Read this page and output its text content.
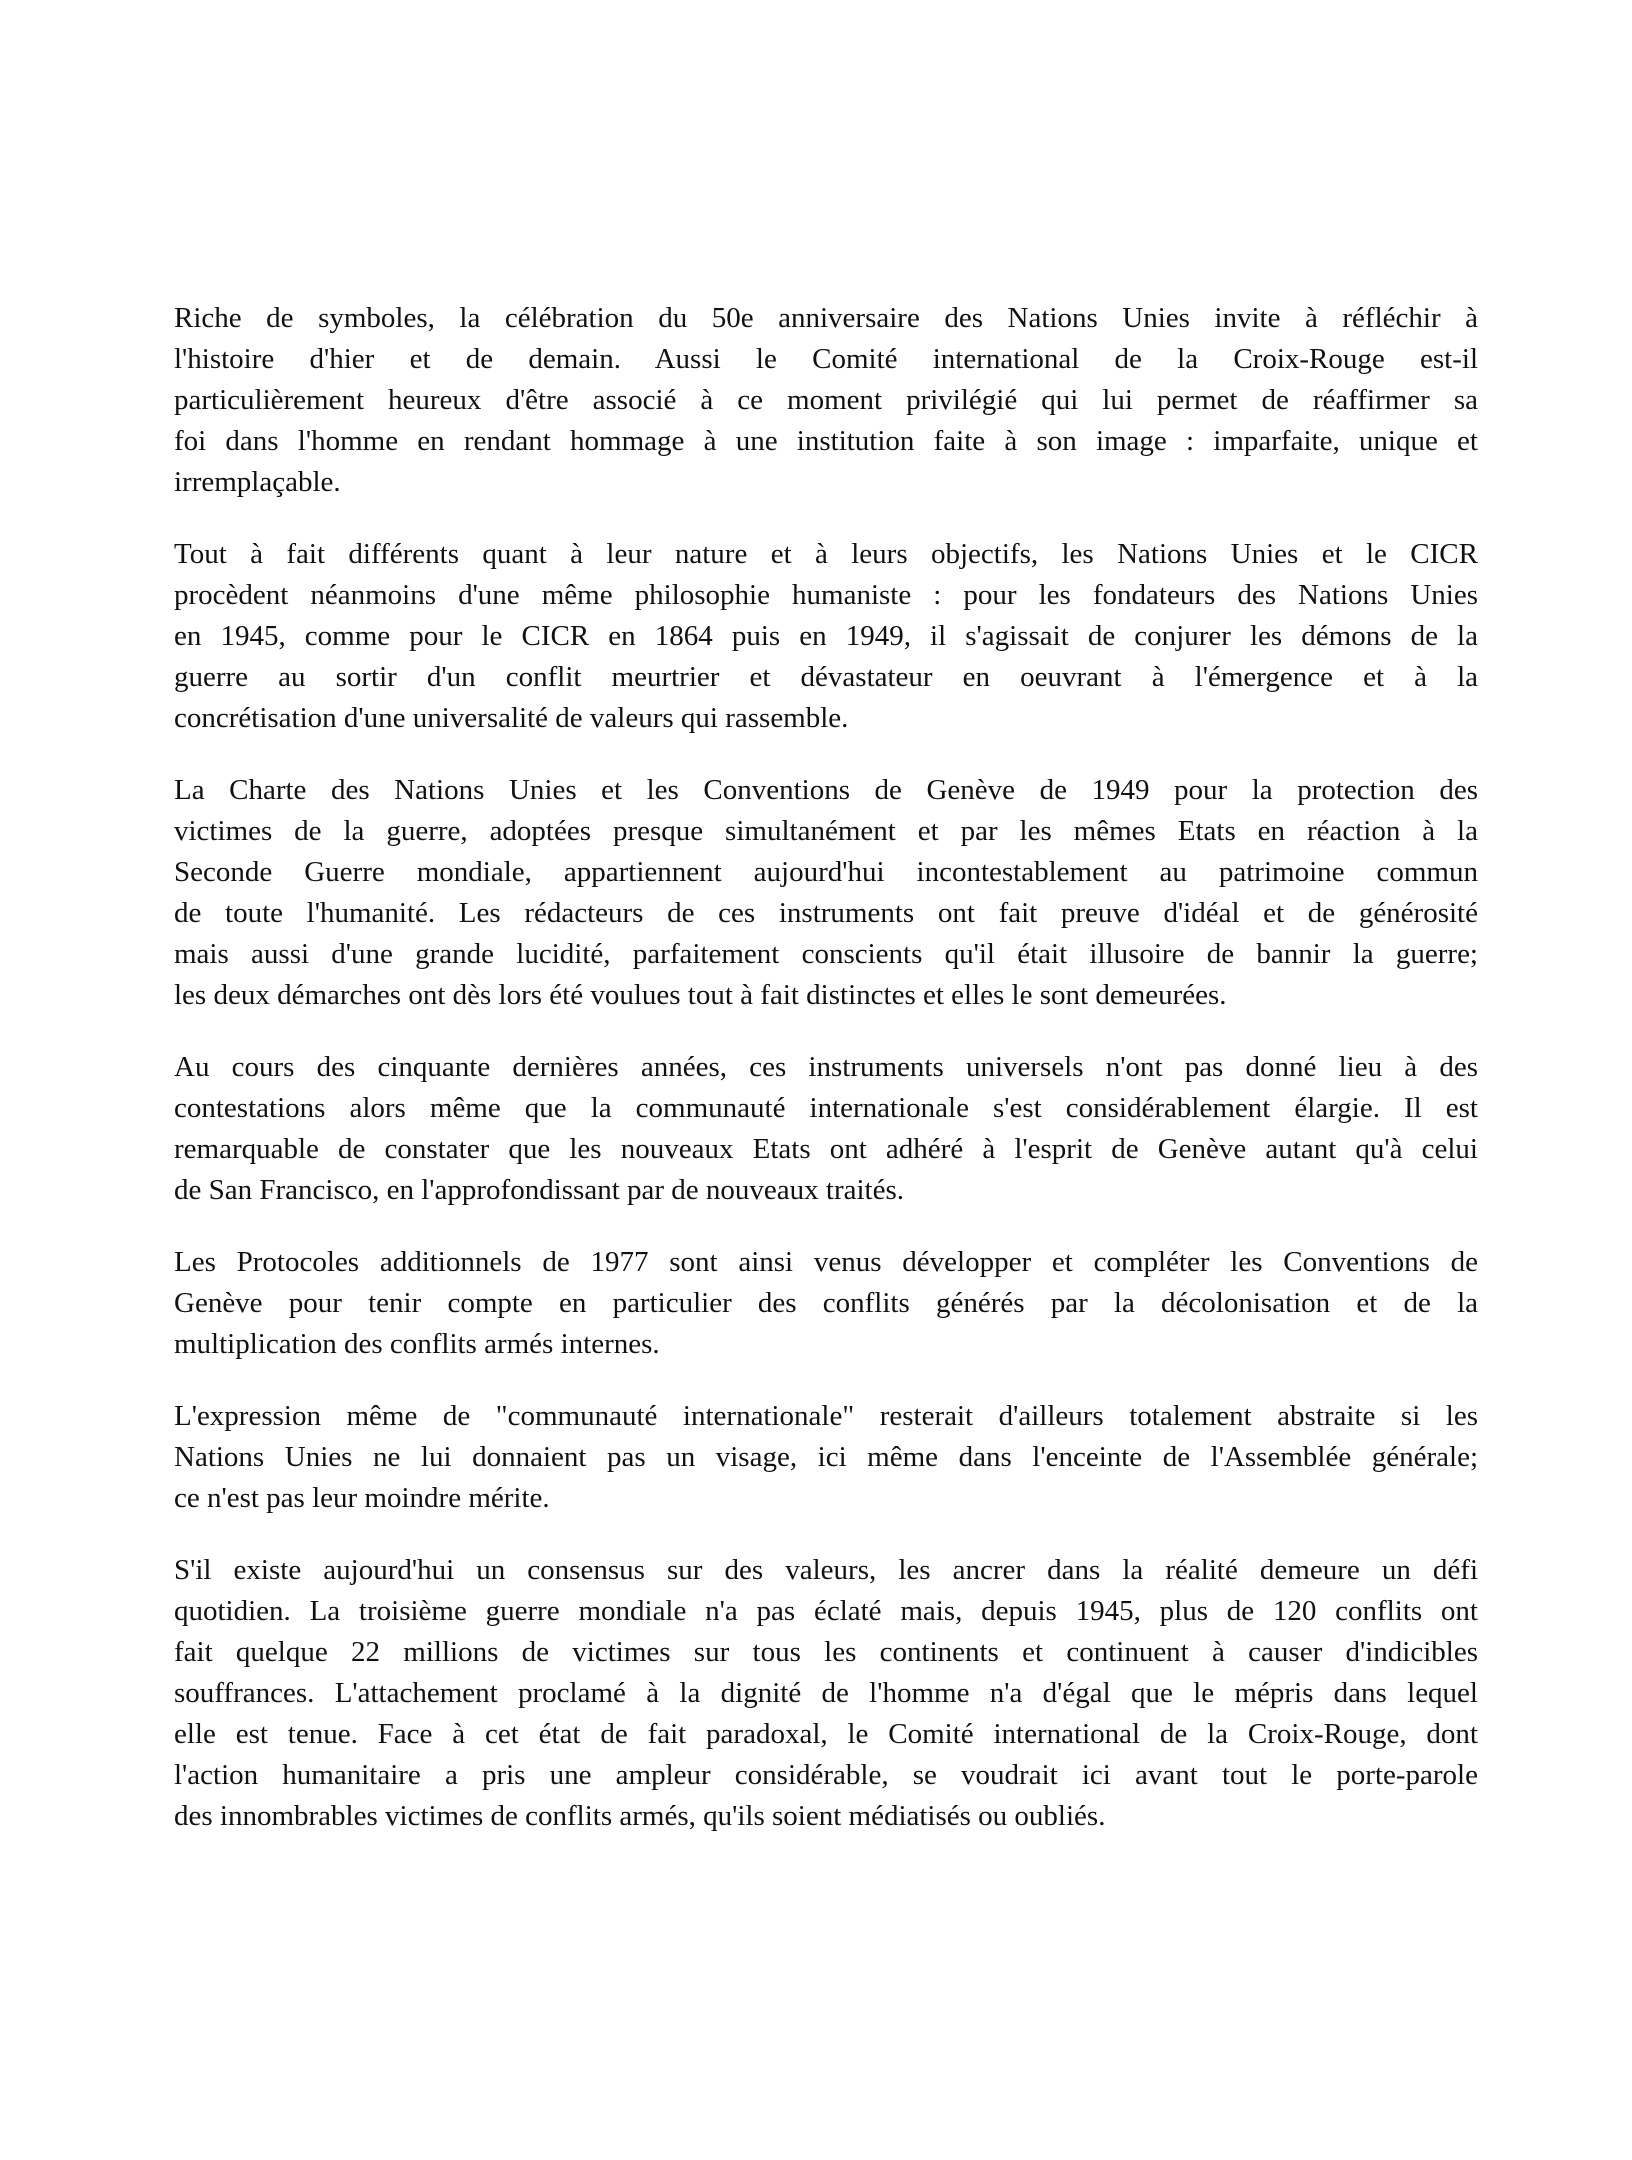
Riche de symboles, la célébration du 50e anniversaire des Nations Unies invite à réfléchir à
l'histoire d'hier et de demain. Aussi le Comité international de la Croix-Rouge est-il
particulièrement heureux d'être associé à ce moment privilégié qui lui permet de réaffirmer sa
foi dans l'homme en rendant hommage à une institution faite à son image : imparfaite, unique et
irremplaçable.
Tout à fait différents quant à leur nature et à leurs objectifs, les Nations Unies et le CICR
procèdent néanmoins d'une même philosophie humaniste : pour les fondateurs des Nations Unies
en 1945, comme pour le CICR en 1864 puis en 1949, il s'agissait de conjurer les démons de la
guerre au sortir d'un conflit meurtrier et dévastateur en oeuvrant à l'émergence et à la
concrétisation d'une universalité de valeurs qui rassemble.
La Charte des Nations Unies et les Conventions de Genève de 1949 pour la protection des
victimes de la guerre, adoptées presque simultanément et par les mêmes Etats en réaction à la
Seconde Guerre mondiale, appartiennent aujourd'hui incontestablement au patrimoine commun
de toute l'humanité. Les rédacteurs de ces instruments ont fait preuve d'idéal et de générosité
mais aussi d'une grande lucidité, parfaitement conscients qu'il était illusoire de bannir la guerre;
les deux démarches ont dès lors été voulues tout à fait distinctes et elles le sont demeurées.
Au cours des cinquante dernières années, ces instruments universels n'ont pas donné lieu à des
contestations alors même que la communauté internationale s'est considérablement élargie. Il est
remarquable de constater que les nouveaux Etats ont adhéré à l'esprit de Genève autant qu'à celui
de San Francisco, en l'approfondissant par de nouveaux traités.
Les Protocoles additionnels de 1977 sont ainsi venus développer et compléter les Conventions de
Genève pour tenir compte en particulier des conflits générés par la décolonisation et de la
multiplication des conflits armés internes.
L'expression même de "communauté internationale" resterait d'ailleurs totalement abstraite si les
Nations Unies ne lui donnaient pas un visage, ici même dans l'enceinte de l'Assemblée générale;
ce n'est pas leur moindre mérite.
S'il existe aujourd'hui un consensus sur des valeurs, les ancrer dans la réalité demeure un défi
quotidien. La troisième guerre mondiale n'a pas éclaté mais, depuis 1945, plus de 120 conflits ont
fait quelque 22 millions de victimes sur tous les continents et continuent à causer d'indicibles
souffrances. L'attachement proclamé à la dignité de l'homme n'a d'égal que le mépris dans lequel
elle est tenue. Face à cet état de fait paradoxal, le Comité international de la Croix-Rouge, dont
l'action humanitaire a pris une ampleur considérable, se voudrait ici avant tout le porte-parole
des innombrables victimes de conflits armés, qu'ils soient médiatisés ou oubliés.
